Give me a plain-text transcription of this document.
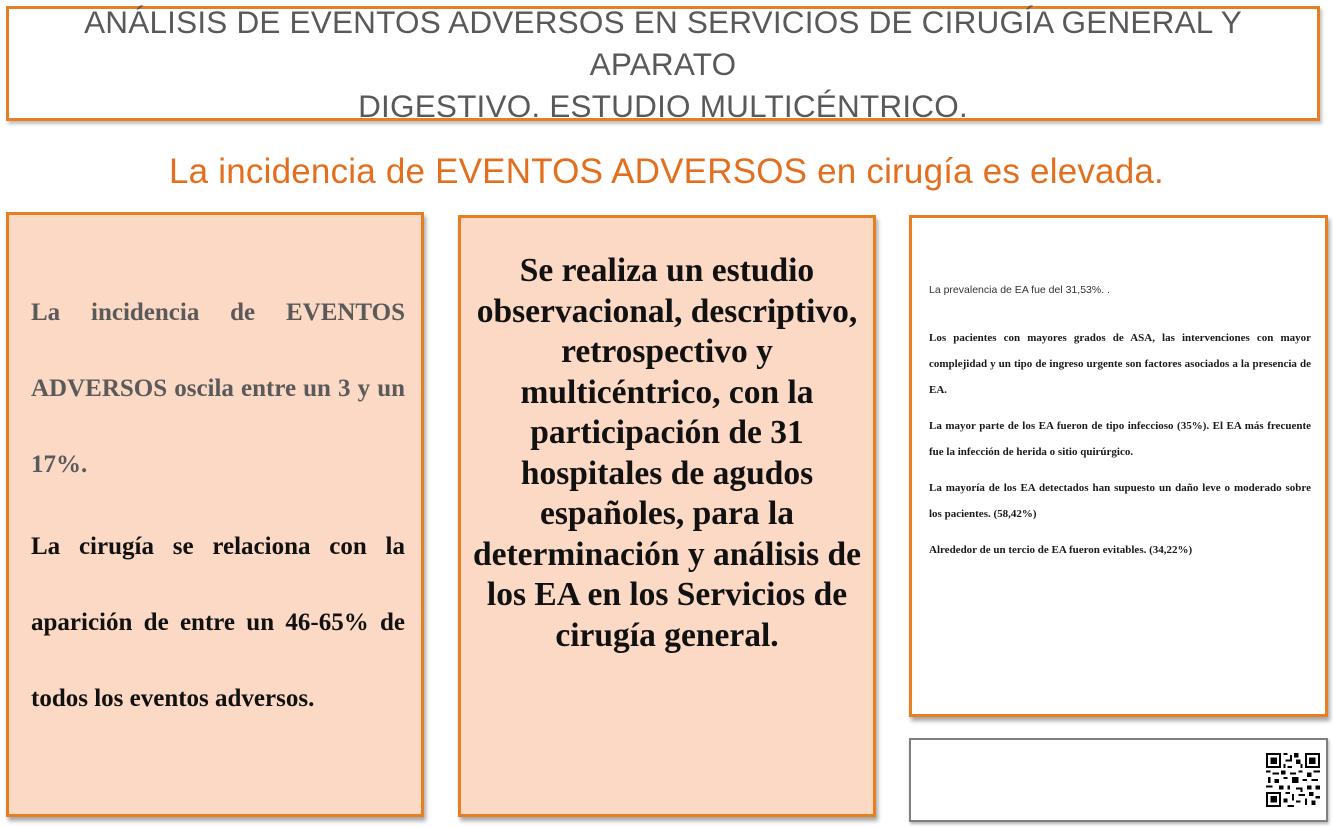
ANÁLISIS DE EVENTOS ADVERSOS EN SERVICIOS DE CIRUGÍA GENERAL Y APARATO
DIGESTIVO. ESTUDIO MULTICÉNTRICO.
La incidencia de EVENTOS ADVERSOS en cirugía es elevada.

La incidencia de EVENTOS ADVERSOS oscila entre un 3 y un 17%.

La cirugía se relaciona con la aparición de entre un 46-65% de todos los eventos adversos.

Se realiza un estudio observacional, descriptivo, retrospectivo y multicéntrico, con la participación de 31 hospitales de agudos españoles, para la determinación y análisis de los EA en los Servicios de cirugía general.

La prevalencia de EA fue del 31,53%. .

Los pacientes con mayores grados de ASA, las intervenciones con mayor complejidad y un tipo de ingreso urgente son factores asociados a la presencia de EA.

La mayor parte de los EA fueron de tipo infeccioso (35%). El EA más frecuente fue la infección de herida o sitio quirúrgico.

La mayoría de los EA detectados han supuesto un daño leve o moderado sobre los pacientes. (58,42%)

Alrededor de un tercio de EA fueron evitables. (34,22%)
